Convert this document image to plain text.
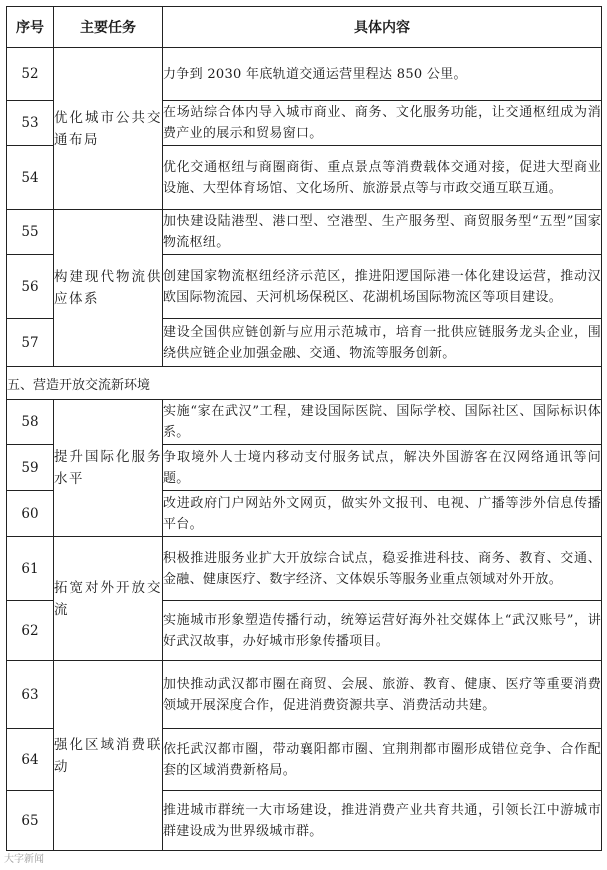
序号	主要任务	具体内容
52	优化城市公共交通布局	力争到 2030 年底轨道交通运营里程达 850 公里。
53		在场站综合体内导入城市商业、商务、文化服务功能，让交通枢纽成为消费产业的展示和贸易窗口。
54		优化交通枢纽与商圈商街、重点景点等消费载体交通对接，促进大型商业设施、大型体育场馆、文化场所、旅游景点等与市政交通互联互通。
55	构建现代物流供应体系	加快建设陆港型、港口型、空港型、生产服务型、商贸服务型“五型”国家物流枢纽。
56		创建国家物流枢纽经济示范区，推进阳逻国际港一体化建设运营，推动汉欧国际物流园、天河机场保税区、花湖机场国际物流区等项目建设。
57		建设全国供应链创新与应用示范城市，培育一批供应链服务龙头企业，围绕供应链企业加强金融、交通、物流等服务创新。
五、营造开放交流新环境		
58	提升国际化服务水平	实施“家在武汉”工程，建设国际医院、国际学校、国际社区、国际标识体系。
59		争取境外人士境内移动支付服务试点，解决外国游客在汉网络通讯等问题。
60		改进政府门户网站外文网页，做实外文报刊、电视、广播等涉外信息传播平台。
61	拓宽对外开放交流	积极推进服务业扩大开放综合试点，稳妥推进科技、商务、教育、交通、金融、健康医疗、数字经济、文体娱乐等服务业重点领域对外开放。
62		实施城市形象塑造传播行动，统筹运营好海外社交媒体上“武汉账号”，讲好武汉故事，办好城市形象传播项目。
63	强化区域消费联动	加快推动武汉都市圈在商贸、会展、旅游、教育、健康、医疗等重要消费领域开展深度合作，促进消费资源共享、消费活动共建。
64		依托武汉都市圈，带动襄阳都市圈、宜荆荆都市圈形成错位竞争、合作配套的区域消费新格局。
65		推进城市群统一大市场建设，推进消费产业共育共通，引领长江中游城市群建设成为世界级城市群。
大字新闻
